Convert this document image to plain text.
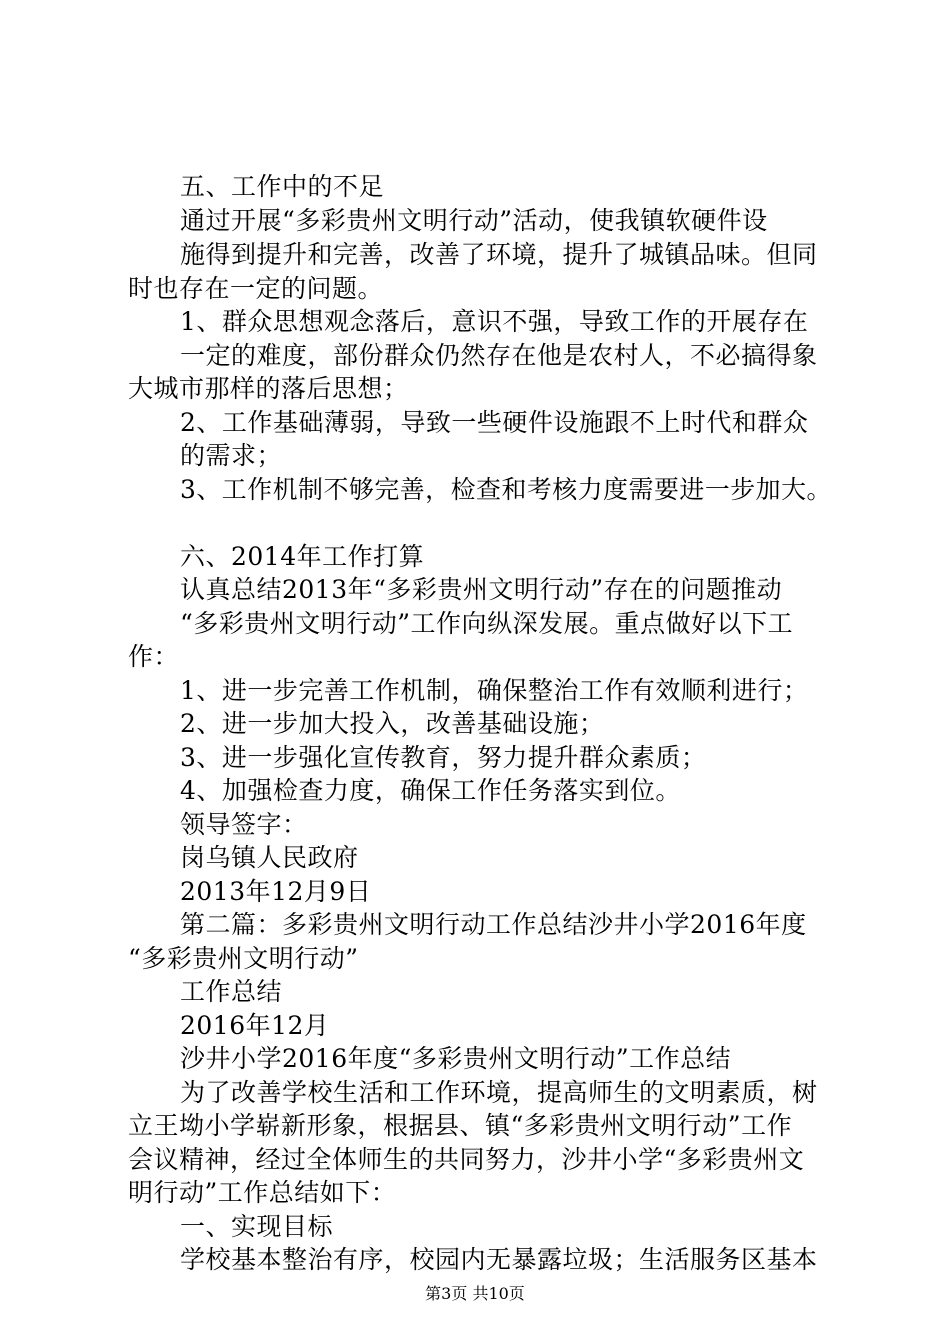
五、工作中的不足
通过开展“多彩贵州文明行动”活动，使我镇软硬件设
施得到提升和完善，改善了环境，提升了城镇品味。但同
时也存在一定的问题。
1、群众思想观念落后，意识不强，导致工作的开展存在
一定的难度，部份群众仍然存在他是农村人，不必搞得象
大城市那样的落后思想；
2、工作基础薄弱，导致一些硬件设施跟不上时代和群众
的需求；
3、工作机制不够完善，检查和考核力度需要进一步加大。
六、2014年工作打算
认真总结2013年“多彩贵州文明行动”存在的问题推动
“多彩贵州文明行动”工作向纵深发展。重点做好以下工
作：
1、进一步完善工作机制，确保整治工作有效顺利进行；
2、进一步加大投入，改善基础设施；
3、进一步强化宣传教育，努力提升群众素质；
4、加强检查力度，确保工作任务落实到位。
领导签字：
岗乌镇人民政府
2013年12月9日
第二篇：多彩贵州文明行动工作总结沙井小学2016年度
“多彩贵州文明行动”
工作总结
2016年12月
沙井小学2016年度“多彩贵州文明行动”工作总结
为了改善学校生活和工作环境，提高师生的文明素质，树
立王坳小学崭新形象，根据县、镇“多彩贵州文明行动”工作
会议精神，经过全体师生的共同努力，沙井小学“多彩贵州文
明行动”工作总结如下：
一、实现目标
学校基本整治有序，校园内无暴露垃圾；生活服务区基本
第3页 共10页
